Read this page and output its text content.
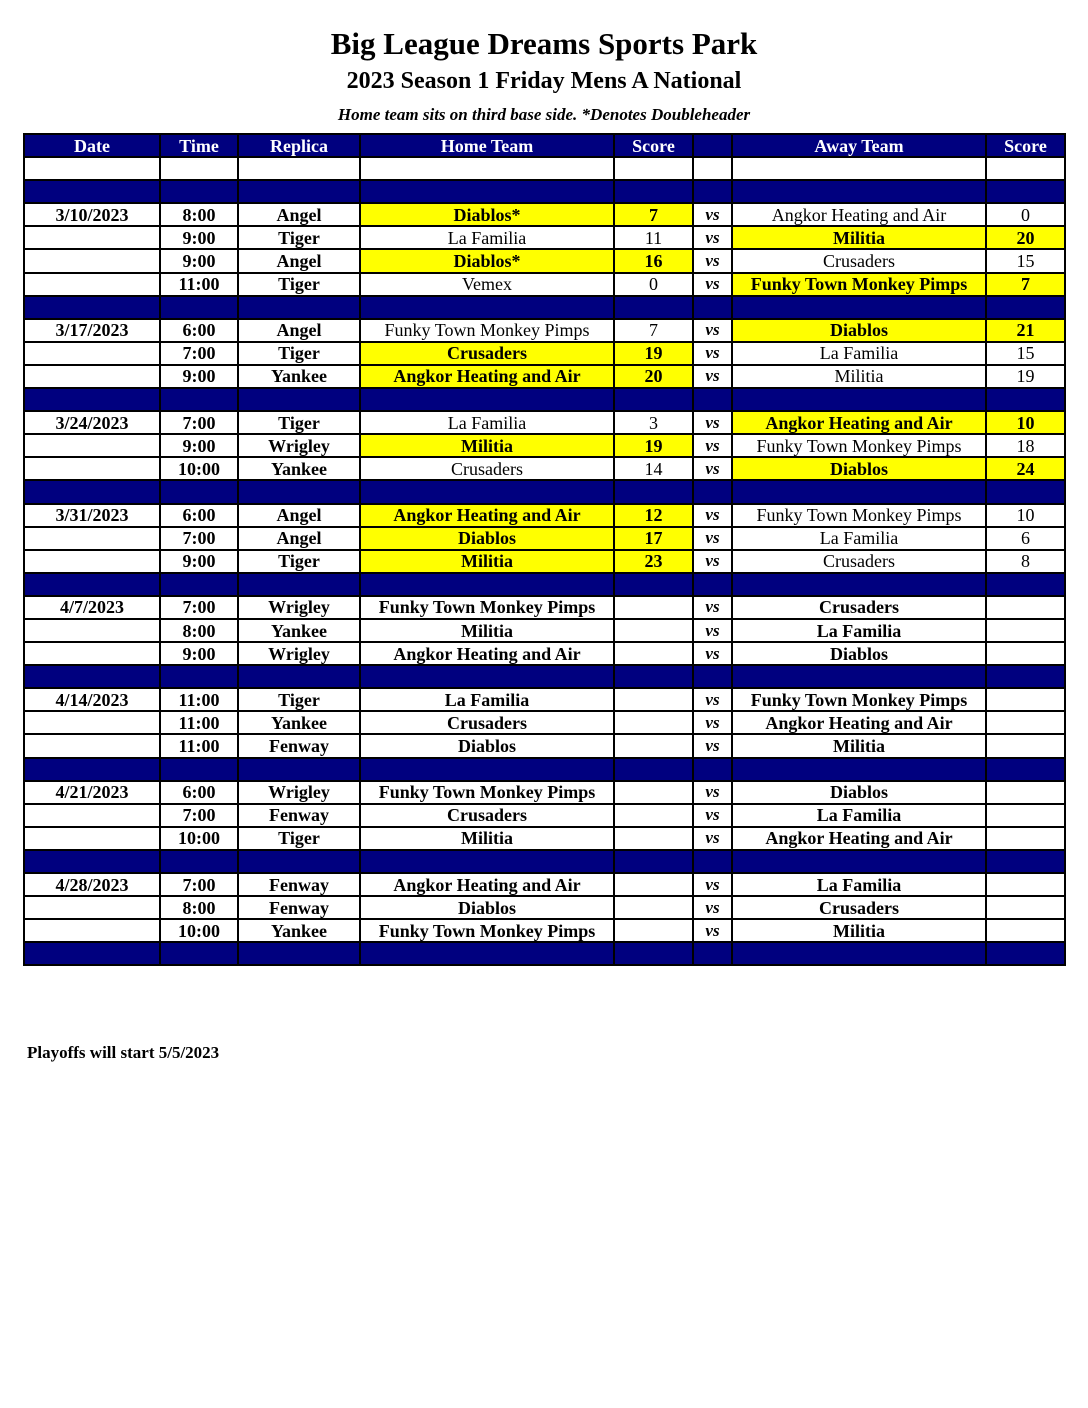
Big League Dreams Sports Park
2023 Season 1 Friday Mens A National
Home team sits on third base side. *Denotes Doubleheader
Date	Time	Replica	Home Team	Score		Away Team	Score

3/10/2023	8:00	Angel	Diablos*	7	vs	Angkor Heating and Air	0
	9:00	Tiger	La Familia	11	vs	Militia	20
	9:00	Angel	Diablos*	16	vs	Crusaders	15
	11:00	Tiger	Vemex	0	vs	Funky Town Monkey Pimps	7

3/17/2023	6:00	Angel	Funky Town Monkey Pimps	7	vs	Diablos	21
	7:00	Tiger	Crusaders	19	vs	La Familia	15
	9:00	Yankee	Angkor Heating and Air	20	vs	Militia	19

3/24/2023	7:00	Tiger	La Familia	3	vs	Angkor Heating and Air	10
	9:00	Wrigley	Militia	19	vs	Funky Town Monkey Pimps	18
	10:00	Yankee	Crusaders	14	vs	Diablos	24

3/31/2023	6:00	Angel	Angkor Heating and Air	12	vs	Funky Town Monkey Pimps	10
	7:00	Angel	Diablos	17	vs	La Familia	6
	9:00	Tiger	Militia	23	vs	Crusaders	8

4/7/2023	7:00	Wrigley	Funky Town Monkey Pimps		vs	Crusaders	
	8:00	Yankee	Militia		vs	La Familia	
	9:00	Wrigley	Angkor Heating and Air		vs	Diablos	

4/14/2023	11:00	Tiger	La Familia		vs	Funky Town Monkey Pimps	
	11:00	Yankee	Crusaders		vs	Angkor Heating and Air	
	11:00	Fenway	Diablos		vs	Militia	

4/21/2023	6:00	Wrigley	Funky Town Monkey Pimps		vs	Diablos	
	7:00	Fenway	Crusaders		vs	La Familia	
	10:00	Tiger	Militia		vs	Angkor Heating and Air	

4/28/2023	7:00	Fenway	Angkor Heating and Air		vs	La Familia	
	8:00	Fenway	Diablos		vs	Crusaders	
	10:00	Yankee	Funky Town Monkey Pimps		vs	Militia	

Playoffs will start 5/5/2023
